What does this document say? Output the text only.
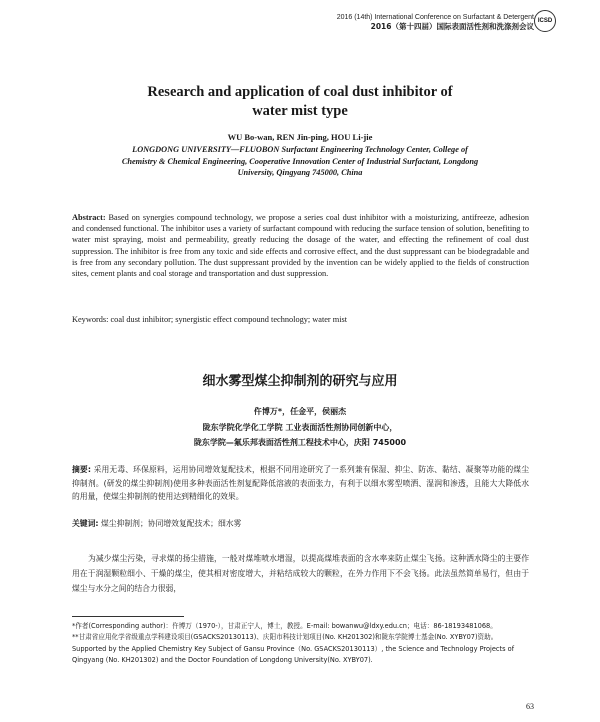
2016 (14th) International Conference on Surfactant & Detergent
2016（第十四届）国际表面活性剂和洗涤剂会议
ICSD
Research and application of coal dust inhibitor of
water mist type
WU Bo-wan, REN Jin-ping, HOU Li-jie
LONGDONG UNIVERSITY—FLUOBON Surfactant Engineering Technology Center, College of
Chemistry & Chemical Engineering, Cooperative Innovation Center of Industrial Surfactant, Longdong
University, Qingyang 745000, China
Abstract: Based on synergies compound technology, we propose a series coal dust inhibitor with a moisturizing, antifreeze, adhesion and condensed functional. The inhibitor uses a variety of surfactant compound with reducing the surface tension of solution, benefiting to water mist spraying, moist and permeability, greatly reducing the dosage of the water, and effecting the refinement of coal dust suppression. The inhibitor is free from any toxic and side effects and corrosive effect, and the dust suppressant can be biodegradable and is free from any secondary pollution. The dust suppressant provided by the invention can be widely applied to the fields of construction sites, cement plants and coal storage and transportation and dust suppression.
Keywords: coal dust inhibitor; synergistic effect compound technology; water mist
细水雾型煤尘抑制剂的研究与应用
仵博万*，任金平，侯丽杰
陇东学院化学化工学院 工业表面活性剂协同创新中心，
陇东学院—氟乐邦表面活性剂工程技术中心，庆阳 745000
摘要: 采用无毒、环保原料，运用协同增效复配技术，根据不同用途研究了一系列兼有保湿、抑尘、防冻、黏结、凝聚等功能的煤尘抑制剂。(研发的煤尘抑制剂)使用多种表面活性剂复配降低溶液的表面张力，有利于以细水雾型喷洒、湿润和渗透，且能大大降低水的用量，使煤尘抑制剂的使用达到精细化的效果。
关键词: 煤尘抑制剂；协同增效复配技术；细水雾
为减少煤尘污染，寻求煤的扬尘措施，一般对煤堆喷水增湿，以提高煤堆表面的含水率来防止煤尘飞扬。这种洒水降尘的主要作用在于润湿颗粒细小、干燥的煤尘，使其相对密度增大，并粘结成较大的颗粒，在外力作用下不会飞扬。此法虽然简单易行，但由于煤尘与水分之间的结合力很弱，
*作者(Corresponding author)：仵博万（1970-），甘肃正宁人，博士，教授。E-mail: bowanwu@ldxy.edu.cn；电话：86-18193481068。
**甘肃省应用化学省级重点学科建设项目(GSACKS20130113)、庆阳市科技计划项目(No. KH201302)和陇东学院博士基金(No. XYBY07)资助。Supported by the Applied Chemistry Key Subject of Gansu Province（No. GSACKS20130113）, the Science and Technology Projects of Qingyang (No. KH201302) and the Doctor Foundation of Longdong University(No. XYBY07).
63
